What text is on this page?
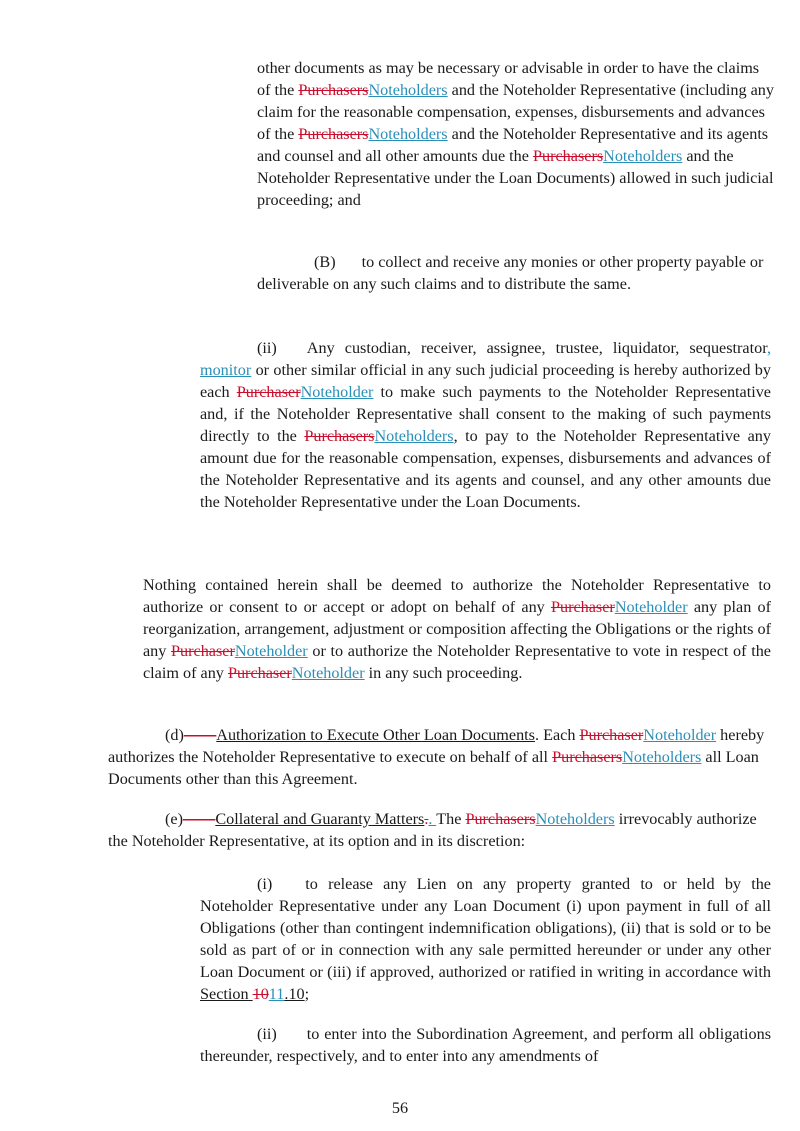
other documents as may be necessary or advisable in order to have the claims of the PurchasersNoteholders and the Noteholder Representative (including any claim for the reasonable compensation, expenses, disbursements and advances of the PurchasersNoteholders and the Noteholder Representative and its agents and counsel and all other amounts due the PurchasersNoteholders and the Noteholder Representative under the Loan Documents) allowed in such judicial proceeding; and

(B) to collect and receive any monies or other property payable or deliverable on any such claims and to distribute the same.

(ii) Any custodian, receiver, assignee, trustee, liquidator, sequestrator, monitor or other similar official in any such judicial proceeding is hereby authorized by each PurchaserNoteholder to make such payments to the Noteholder Representative and, if the Noteholder Representative shall consent to the making of such payments directly to the PurchasersNoteholders, to pay to the Noteholder Representative any amount due for the reasonable compensation, expenses, disbursements and advances of the Noteholder Representative and its agents and counsel, and any other amounts due the Noteholder Representative under the Loan Documents.

Nothing contained herein shall be deemed to authorize the Noteholder Representative to authorize or consent to or accept or adopt on behalf of any PurchaserNoteholder any plan of reorganization, arrangement, adjustment or composition affecting the Obligations or the rights of any PurchaserNoteholder or to authorize the Noteholder Representative to vote in respect of the claim of any PurchaserNoteholder in any such proceeding.

(d)——Authorization to Execute Other Loan Documents. Each PurchaserNoteholder hereby authorizes the Noteholder Representative to execute on behalf of all PurchasersNoteholders all Loan Documents other than this Agreement.

(e)——Collateral and Guaranty Matters.. The PurchasersNoteholders irrevocably authorize the Noteholder Representative, at its option and in its discretion:

(i) to release any Lien on any property granted to or held by the Noteholder Representative under any Loan Document (i) upon payment in full of all Obligations (other than contingent indemnification obligations), (ii) that is sold or to be sold as part of or in connection with any sale permitted hereunder or under any other Loan Document or (iii) if approved, authorized or ratified in writing in accordance with Section 1011.10;

(ii) to enter into the Subordination Agreement, and perform all obligations thereunder, respectively, and to enter into any amendments of

56
